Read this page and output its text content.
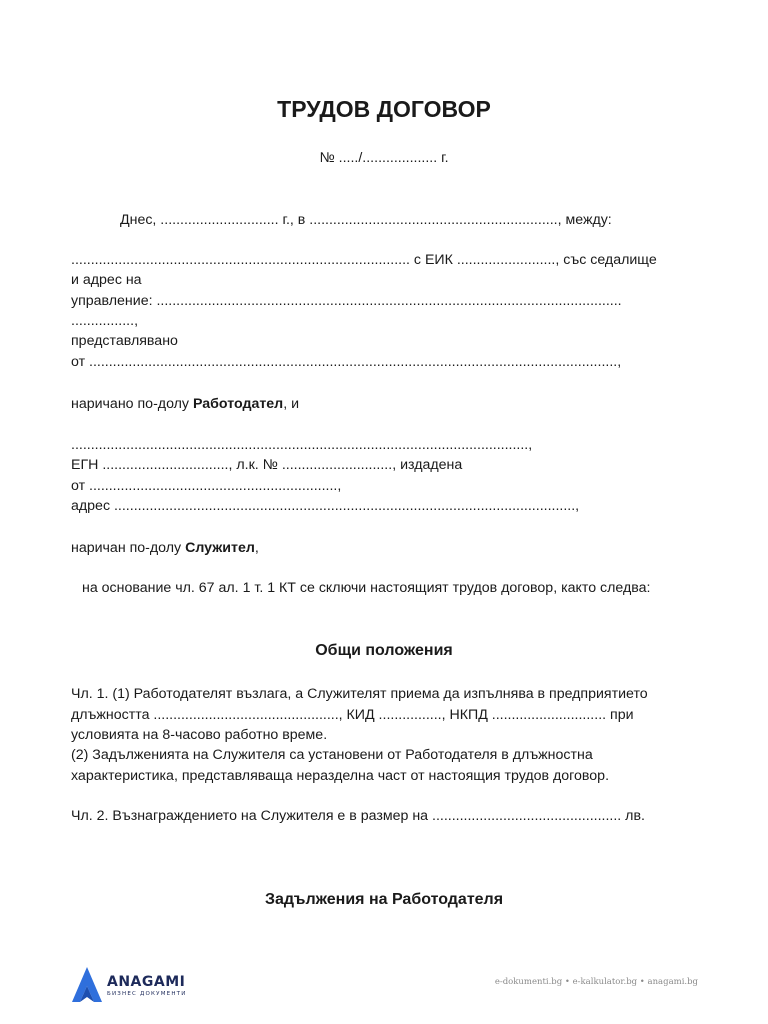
ТРУДОВ ДОГОВОР
№ ...../................... г.
Днес, .............................. г., в ..............................................................., между:
...................................................................................... с ЕИК ........................., със седалище
и адрес на
управление: ......................................................................................................................
................,
представлявано
от ......................................................................................................................................,
наричано по-долу Работодател, и
....................................................................................................................,
ЕГН ................................, л.к. № ............................, издадена
от ...............................................................,
адрес .....................................................................................................................,
наричан по-долу Служител,
на основание чл. 67 ал. 1 т. 1 КТ се сключи настоящият трудов договор, както следва:
Общи положения
Чл. 1. (1) Работодателят възлага, а Служителят приема да изпълнява в предприятието
длъжността ..............................................., КИД ................, НКПД ............................. при
условията на 8-часово работно време.
(2) Задълженията на Служителя са установени от Работодателя в длъжностна
характеристика, представляваща неразделна част от настоящия трудов договор.
Чл. 2. Възнаграждението на Служителя е в размер на ................................................ лв.
Задължения на Работодателя
ANAGAMI
БИЗНЕС ДОКУМЕНТИ
e-dokumenti.bg • e-kalkulator.bg • anagami.bg
